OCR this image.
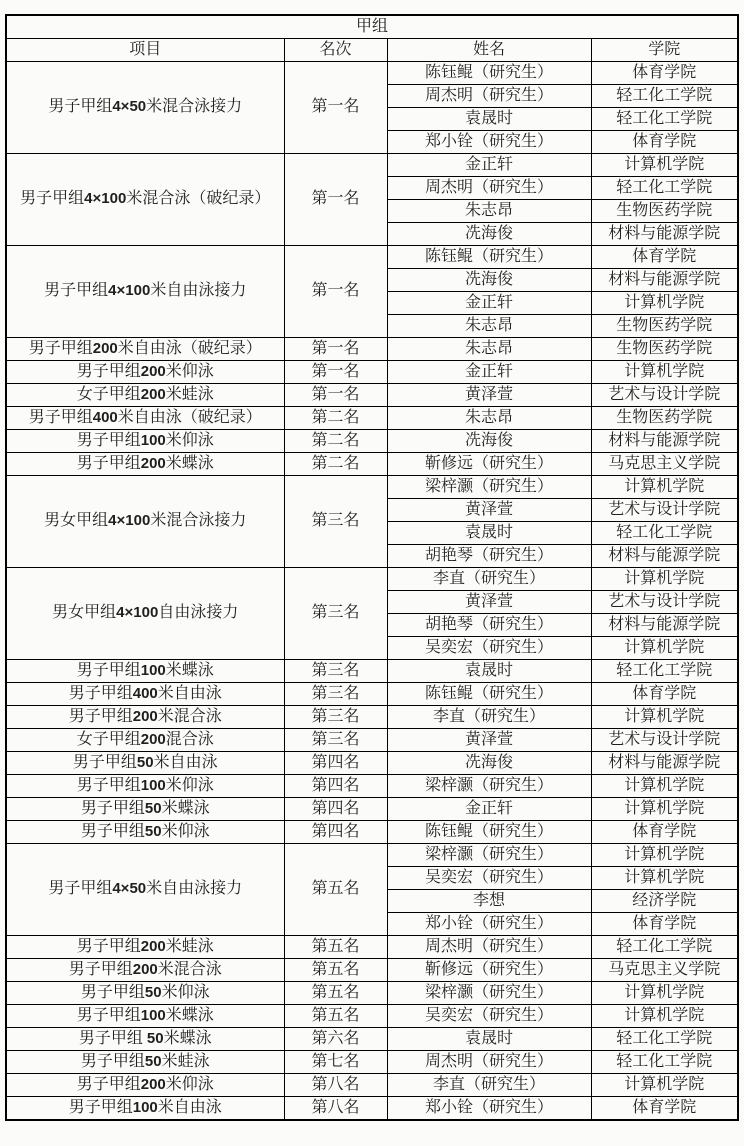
甲组			
项目	名次	姓名	学院
男子甲组4×50米混合泳接力	第一名	陈钰鲲（研究生）	体育学院
		周杰明（研究生）	轻工化工学院
		袁晟时	轻工化工学院
		郑小铨（研究生）	体育学院
男子甲组4×100米混合泳（破纪录）	第一名	金正轩	计算机学院
		周杰明（研究生）	轻工化工学院
		朱志昂	生物医药学院
		冼海俊	材料与能源学院
男子甲组4×100米自由泳接力	第一名	陈钰鲲（研究生）	体育学院
		冼海俊	材料与能源学院
		金正轩	计算机学院
		朱志昂	生物医药学院
男子甲组200米自由泳（破纪录）	第一名	朱志昂	生物医药学院
男子甲组200米仰泳	第一名	金正轩	计算机学院
女子甲组200米蛙泳	第一名	黄泽萱	艺术与设计学院
男子甲组400米自由泳（破纪录）	第二名	朱志昂	生物医药学院
男子甲组100米仰泳	第二名	冼海俊	材料与能源学院
男子甲组200米蝶泳	第二名	靳修远（研究生）	马克思主义学院
男女甲组4×100米混合泳接力	第三名	梁梓灏（研究生）	计算机学院
		黄泽萱	艺术与设计学院
		袁晟时	轻工化工学院
		胡艳琴（研究生）	材料与能源学院
男女甲组4×100自由泳接力	第三名	李直（研究生）	计算机学院
		黄泽萱	艺术与设计学院
		胡艳琴（研究生）	材料与能源学院
		吴奕宏（研究生）	计算机学院
男子甲组100米蝶泳	第三名	袁晟时	轻工化工学院
男子甲组400米自由泳	第三名	陈钰鲲（研究生）	体育学院
男子甲组200米混合泳	第三名	李直（研究生）	计算机学院
女子甲组200混合泳	第三名	黄泽萱	艺术与设计学院
男子甲组50米自由泳	第四名	冼海俊	材料与能源学院
男子甲组100米仰泳	第四名	梁梓灏（研究生）	计算机学院
男子甲组50米蝶泳	第四名	金正轩	计算机学院
男子甲组50米仰泳	第四名	陈钰鲲（研究生）	体育学院
男子甲组4×50米自由泳接力	第五名	梁梓灏（研究生）	计算机学院
		吴奕宏（研究生）	计算机学院
		李想	经济学院
		郑小铨（研究生）	体育学院
男子甲组200米蛙泳	第五名	周杰明（研究生）	轻工化工学院
男子甲组200米混合泳	第五名	靳修远（研究生）	马克思主义学院
男子甲组50米仰泳	第五名	梁梓灏（研究生）	计算机学院
男子甲组100米蝶泳	第五名	吴奕宏（研究生）	计算机学院
男子甲组 50米蝶泳	第六名	袁晟时	轻工化工学院
男子甲组50米蛙泳	第七名	周杰明（研究生）	轻工化工学院
男子甲组200米仰泳	第八名	李直（研究生）	计算机学院
男子甲组100米自由泳	第八名	郑小铨（研究生）	体育学院
